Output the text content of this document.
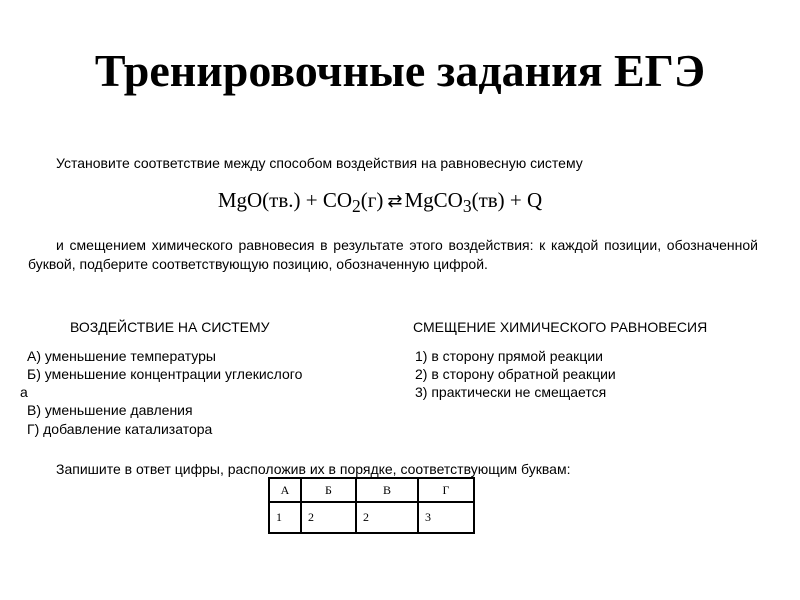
Тренировочные задания ЕГЭ
Установите соответствие между способом воздействия на равновесную систему
$MgO(тв.) + CO_2(г)$ ⇄ MgCO$_3$(тв) + Q
и смещением химического равновесия в результате этого воздействия: к каждой позиции, обозначенной буквой, подберите соответствующую позицию, обозначенную цифрой.
ВОЗДЕЙСТВИЕ НА СИСТЕМУ	СМЕЩЕНИЕ ХИМИЧЕСКОГО РАВНОВЕСИЯ
А) уменьшение температуры
Б) уменьшение концентрации углекислого
а
В) уменьшение давления
Г) добавление катализатора
1) в сторону прямой реакции
2) в сторону обратной реакции
3) практически не смещается
Запишите в ответ цифры, расположив их в порядке, соответствующим буквам:
А	Б	В	Г
1	2	2	3
